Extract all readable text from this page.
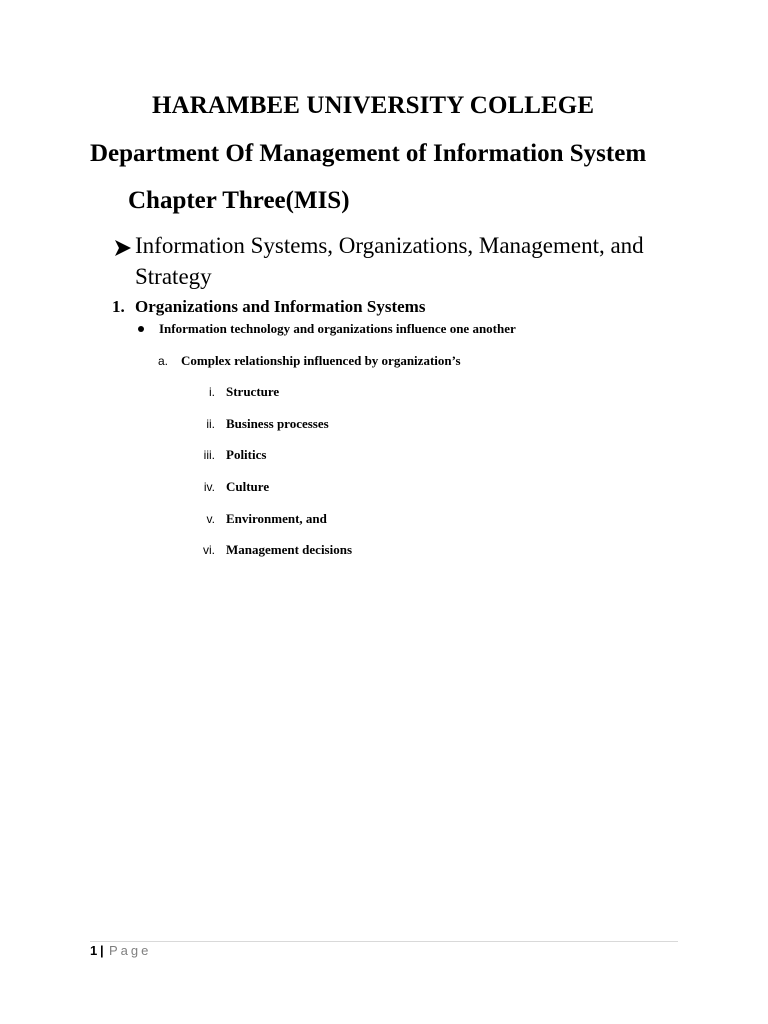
HARAMBEE UNIVERSITY COLLEGE
Department Of Management of Information System
Chapter Three(MIS)
Information Systems, Organizations, Management, and
Strategy
1. Organizations and Information Systems
Information technology and organizations influence one another
a. Complex relationship influenced by organization’s
i. Structure
ii. Business processes
iii. Politics
iv. Culture
v. Environment, and
vi. Management decisions
1 | Page
